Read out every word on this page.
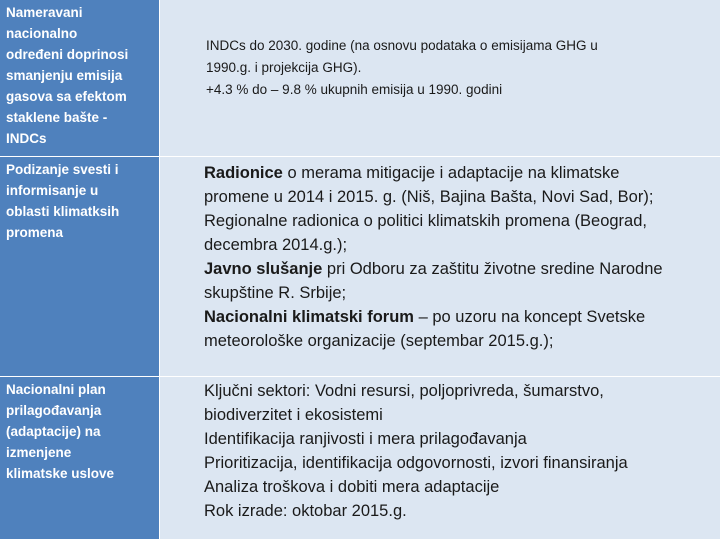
Nameravani
nacionalno
određeni doprinosi
smanjenju emisija
gasova sa efektom
staklene bašte -
INDCs
INDCs do 2030. godine (na osnovu podataka o emisijama GHG u
1990.g. i projekcija GHG).
+4.3 % do – 9.8 % ukupnih emisija u 1990. godini
Podizanje svesti i
informisanje u
oblasti klimatksih
promena
Radionice o merama mitigacije i adaptacije na klimatske
promene u 2014 i 2015. g. (Niš, Bajina Bašta, Novi Sad, Bor);
Regionalne radionica o politici klimatskih promena (Beograd,
decembra 2014.g.);
Javno slušanje pri Odboru za zaštitu životne sredine Narodne
skupštine R. Srbije;
Nacionalni klimatski forum – po uzoru na koncept Svetske
meteorološke organizacije (septembar 2015.g.);
Nacionalni plan
prilagođavanja
(adaptacije) na
izmenjene
klimatske uslove
Ključni sektori: Vodni resursi, poljoprivreda, šumarstvo,
biodiverzitet i ekosistemi
Identifikacija ranjivosti i mera prilagođavanja
Prioritizacija, identifikacija odgovornosti, izvori finansiranja
Analiza troškova i dobiti mera adaptacije
Rok izrade: oktobar 2015.g.
